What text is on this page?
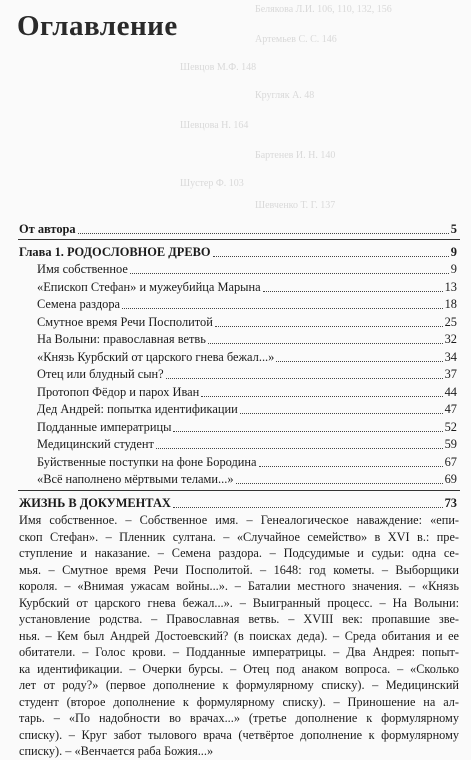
Белякова Л.И. 106, 110, 132, 156
Артемьев С. С. 146
Шевцов М.Ф. 148
Кругляк А. 48
Шевцова Н. 164
Бартенев И. Н. 140
Шустер Ф. 103
Шевченко Т. Г. 137
Оглавление
От автора	5
Глава 1. РОДОСЛОВНОЕ ДРЕВО	9
Имя собственное	9
«Епископ Стефан» и мужеубийца Марына	13
Семена раздора	18
Смутное время Речи Посполитой	25
На Волыни: православная ветвь	32
«Князь Курбский от царского гнева бежал...»	34
Отец или блудный сын?	37
Протопоп Фёдор и парох Иван	44
Дед Андрей: попытка идентификации	47
Подданные императрицы	52
Медицинский студент	59
Буйственные поступки на фоне Бородина	67
«Всё наполнено мёртвыми телами...»	69
ЖИЗНЬ В ДОКУМЕНТАХ	73

Имя собственное. – Собственное имя. – Генеалогическое наваждение: «епи-

скоп Стефан». – Пленник султана. – «Случайное семейство» в XVI в.: пре-

ступление и наказание. – Семена раздора. – Подсудимые и судьи: одна се-

мья. – Смутное время Речи Посполитой. – 1648: год кометы. – Выборщики

короля. – «Внимая ужасам войны...». – Баталии местного значения. – «Князь

Курбский от царского гнева бежал...». – Выигранный процесс. – На Волыни:

установление родства. – Православная ветвь. – XVIII век: пропавшие зве-

нья. – Кем был Андрей Достоевский? (в поисках деда). – Среда обитания и ее

обитатели. – Голос крови. – Подданные императрицы. – Два Андрея: попыт-

ка идентификации. – Очерки бурсы. – Отец под анаком вопроса. – «Сколько

лет от роду?» (первое дополнение к формулярному списку). – Медицинский

студент (второе дополнение к формулярному списку). – Приношение на ал-

тарь. – «По надобности во врачах...» (третье дополнение к формулярному

списку). – Круг забот тылового врача (четвёртое дополнение к формулярному

списку). – «Венчается раба Божия...»
